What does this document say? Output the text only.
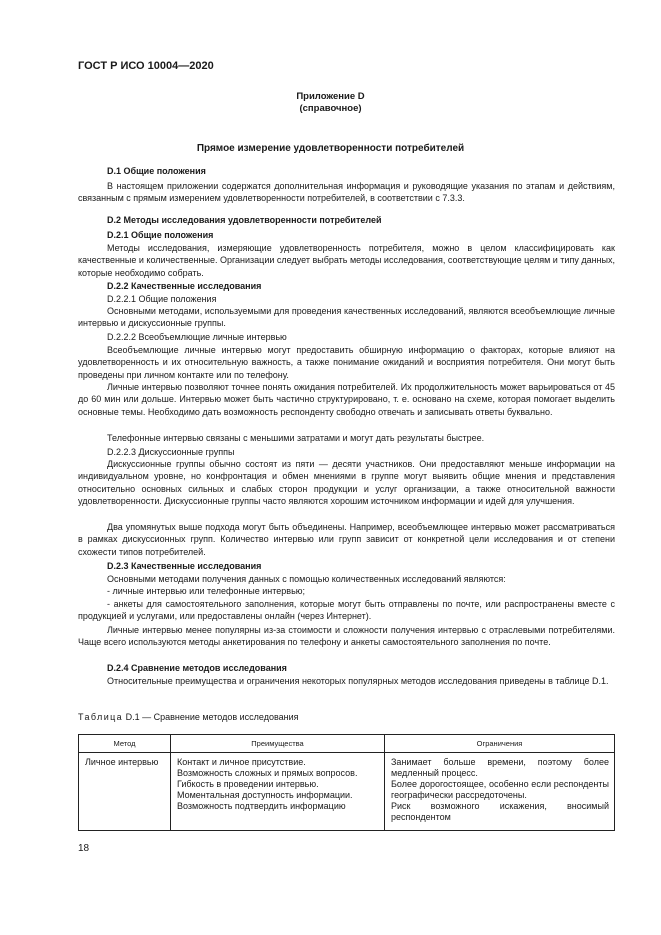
ГОСТ Р ИСО 10004—2020
Приложение D
(справочное)
Прямое измерение удовлетворенности потребителей

D.1 Общие положения

В настоящем приложении содержатся дополнительная информация и руководящие указания по этапам и действиям, связанным с прямым измерением удовлетворенности потребителей, в соответствии с 7.3.3.

D.2 Методы исследования удовлетворенности потребителей

D.2.1 Общие положения

Методы исследования, измеряющие удовлетворенность потребителя, можно в целом классифицировать как качественные и количественные. Организации следует выбрать методы исследования, соответствующие целям и типу данных, которые необходимо собрать.

D.2.2 Качественные исследования

D.2.2.1 Общие положения

Основными методами, используемыми для проведения качественных исследований, являются всеобъемлющие личные интервью и дискуссионные группы.

D.2.2.2 Всеобъемлющие личные интервью

Всеобъемлющие личные интервью могут предоставить обширную информацию о факторах, которые влияют на удовлетворенность и их относительную важность, а также понимание ожиданий и восприятия потребителя. Они могут быть проведены при личном контакте или по телефону.

Личные интервью позволяют точнее понять ожидания потребителей. Их продолжительность может варьироваться от 45 до 60 мин или дольше. Интервью может быть частично структурировано, т. е. основано на схеме, которая помогает выделить основные темы. Необходимо дать возможность респонденту свободно отвечать и записывать ответы буквально.

Телефонные интервью связаны с меньшими затратами и могут дать результаты быстрее.

D.2.2.3 Дискуссионные группы

Дискуссионные группы обычно состоят из пяти — десяти участников. Они предоставляют меньше информации на индивидуальном уровне, но конфронтация и обмен мнениями в группе могут выявить общие мнения и представления относительно основных сильных и слабых сторон продукции и услуг организации, а также относительной важности удовлетворенности. Дискуссионные группы часто являются хорошим источником информации и идей для улучшения.

Два упомянутых выше подхода могут быть объединены. Например, всеобъемлющее интервью может рассматриваться в рамках дискуссионных групп. Количество интервью или групп зависит от конкретной цели исследования и от степени схожести типов потребителей.

D.2.3 Качественные исследования

Основными методами получения данных с помощью количественных исследований являются:

- личные интервью или телефонные интервью;

- анкеты для самостоятельного заполнения, которые могут быть отправлены по почте, или распространены вместе с продукцией и услугами, или предоставлены онлайн (через Интернет).

Личные интервью менее популярны из-за стоимости и сложности получения интервью с отраслевыми потребителями. Чаще всего используются методы анкетирования по телефону и анкеты самостоятельного заполнения по почте.

D.2.4 Сравнение методов исследования

Относительные преимущества и ограничения некоторых популярных методов исследования приведены в таблице D.1.

Таблица D.1 — Сравнение методов исследования
Метод	Преимущества	Ограничения

Личное интервью	Контакт и личное присутствие.
Возможность сложных и прямых вопросов.
Гибкость в проведении интервью.
Моментальная доступность информации.
Возможность подтвердить информацию	Занимает больше времени, поэтому более медленный процесс.
Более дорогостоящее, особенно если респонденты географически рассредоточены.
Риск возможного искажения, вносимый респондентом
18
